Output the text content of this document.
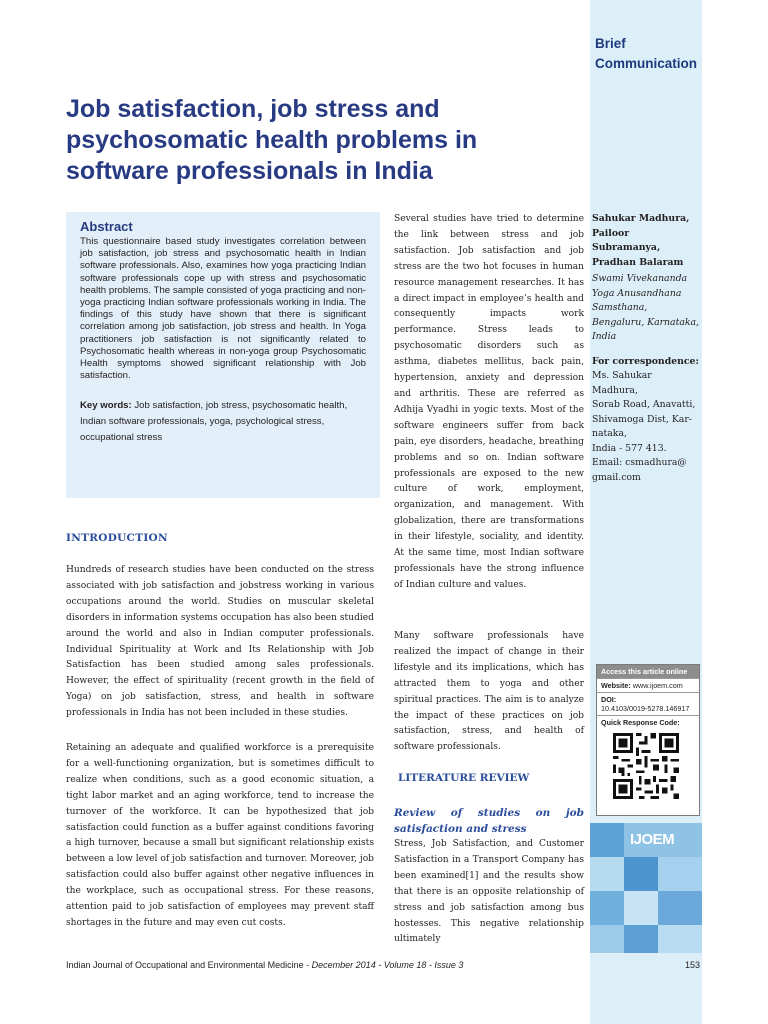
Brief
Communication
Job satisfaction, job stress and
psychosomatic health problems in
software professionals in India

Abstract

This questionnaire based study investigates correlation between job satisfaction, job stress and psychosomatic health in Indian software professionals. Also, examines how yoga practicing Indian software professionals cope up with stress and psychosomatic health problems. The sample consisted of yoga practicing and non-yoga practicing Indian software professionals working in India. The findings of this study have shown that there is significant correlation among job satisfaction, job stress and health. In Yoga practitioners job satisfaction is not significantly related to Psychosomatic health whereas in non-yoga group Psychosomatic Health symptoms showed significant relationship with Job satisfaction.

Key words: Job satisfaction, job stress, psychosomatic health, Indian software professionals, yoga, psychological stress, occupational stress

INTRODUCTION

Hundreds of research studies have been conducted on the stress associated with job satisfaction and jobstress working in various occupations around the world. Studies on muscular skeletal disorders in information systems occupation has also been studied around the world and also in Indian computer professionals. Individual Spirituality at Work and Its Relationship with Job Satisfaction has been studied among sales professionals. However, the effect of spirituality (recent growth in the field of Yoga) on job satisfaction, stress, and health in software professionals in India has not been included in these studies.

Retaining an adequate and qualified workforce is a prerequisite for a well-functioning organization, but is sometimes difficult to realize when conditions, such as a good economic situation, a tight labor market and an aging workforce, tend to increase the turnover of the workforce. It can be hypothesized that job satisfaction could function as a buffer against conditions favoring a high turnover, because a small but significant relationship exists between a low level of job satisfaction and turnover. Moreover, job satisfaction could also buffer against other negative influences in the workplace, such as occupational stress. For these reasons, attention paid to job satisfaction of employees may prevent staff shortages in the future and may even cut costs.

Several studies have tried to determine the link between stress and job satisfaction. Job satisfaction and job stress are the two hot focuses in human resource management researches. It has a direct impact in employee’s health and consequently impacts work performance. Stress leads to psychosomatic disorders such as asthma, diabetes mellitus, back pain, hypertension, anxiety and depression and arthritis. These are referred as Adhija Vyadhi in yogic texts. Most of the software engineers suffer from back pain, eye disorders, headache, breathing problems and so on. Indian software professionals are exposed to the new culture of work, employment, organization, and management. With globalization, there are transformations in their lifestyle, sociality, and identity. At the same time, most Indian software professionals have the strong influence of Indian culture and values.

Many software professionals have realized the impact of change in their lifestyle and its implications, which has attracted them to yoga and other spiritual practices. The aim is to analyze the impact of these practices on job satisfaction, stress, and health of software professionals.

LITERATURE REVIEW

Review of studies on job satisfaction and stress

Stress, Job Satisfaction, and Customer Satisfaction in a Transport Company has been examined[1] and the results show that there is an opposite relationship of stress and job satisfaction among bus hostesses. This negative relationship ultimately

Sahukar Madhura, Pailoor Subramanya, Pradhan Balaram

Swami Vivekananda Yoga Anusandhana Samsthana, Bengaluru, Karnataka, India

For correspondence:

Ms. Sahukar Madhura,

Sorab Road, Anavatti,

Shivamoga Dist, Kar-

nataka,

India - 577 413.

Email: csmadhura@
gmail.com

Access this article online
Website: www.ijoem.com
DOI:
10.4103/0019-5278.146917
Quick Response Code:
IJOEM
Indian Journal of Occupational and Environmental Medicine - December 2014 - Volume 18 - Issue 3	153
